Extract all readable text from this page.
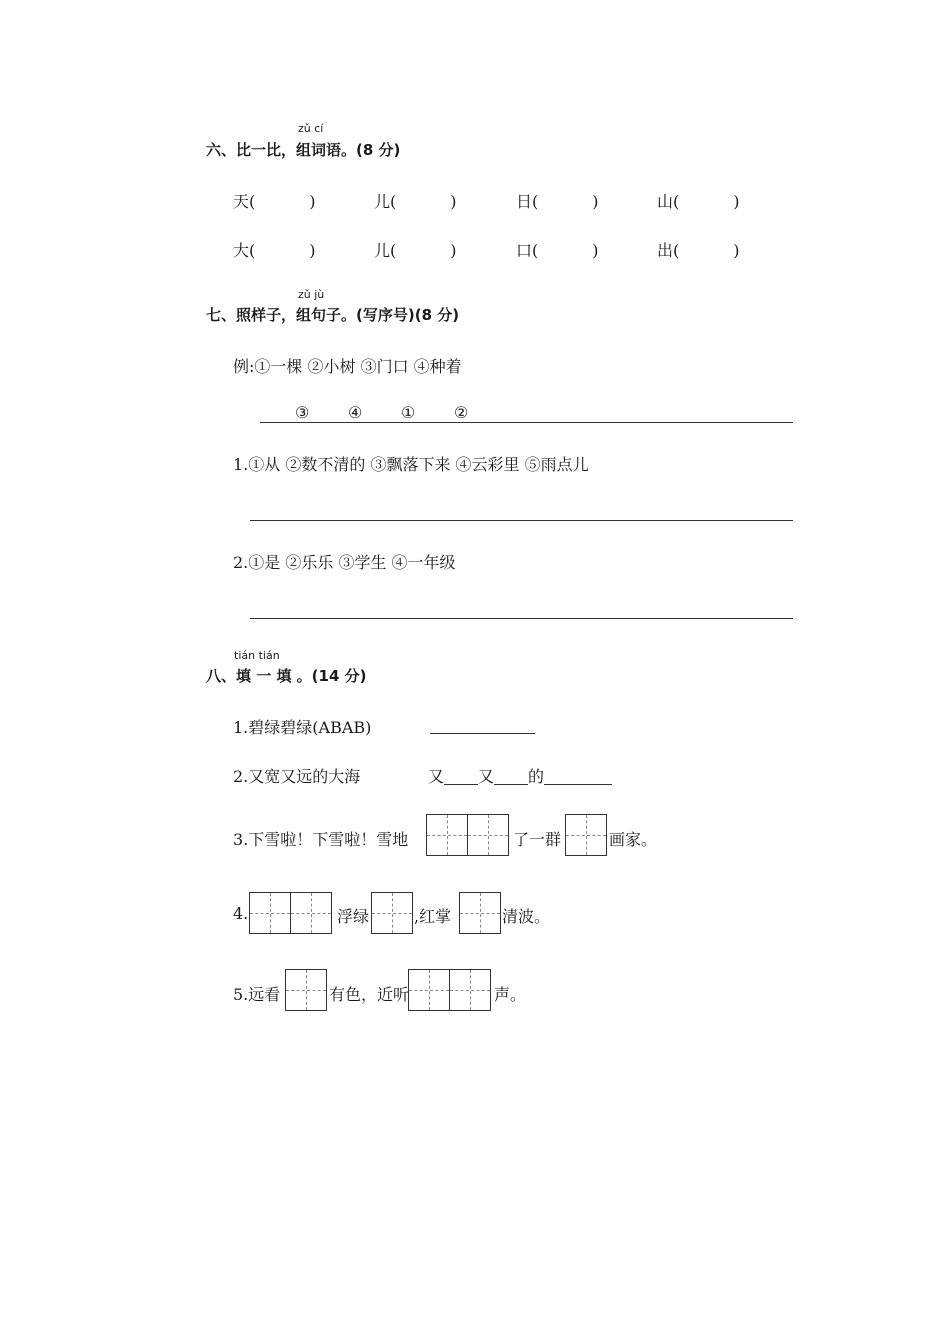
zǔ cí
六、比一比，组词语。(8 分)
天(	)	儿(	)	日(	)	山(	)
大(	)	儿(	)	口(	)	出(	)
zǔ jù
七、照样子，组句子。(写序号)(8 分)
例:①一棵 ②小树 ③门口 ④种着
③ ④ ① ②
1.①从 ②数不清的 ③飘落下来 ④云彩里 ⑤雨点儿
2.①是 ②乐乐 ③学生 ④一年级
tián tián
八、填 一 填 。(14 分)
1.碧绿碧绿(ABAB)
2.又宽又远的大海	又 又 的
3.下雪啦！下雪啦！雪地	了一群	画家。
4.	浮绿	,红掌	清波。
5.远看	有色，近听	声。
